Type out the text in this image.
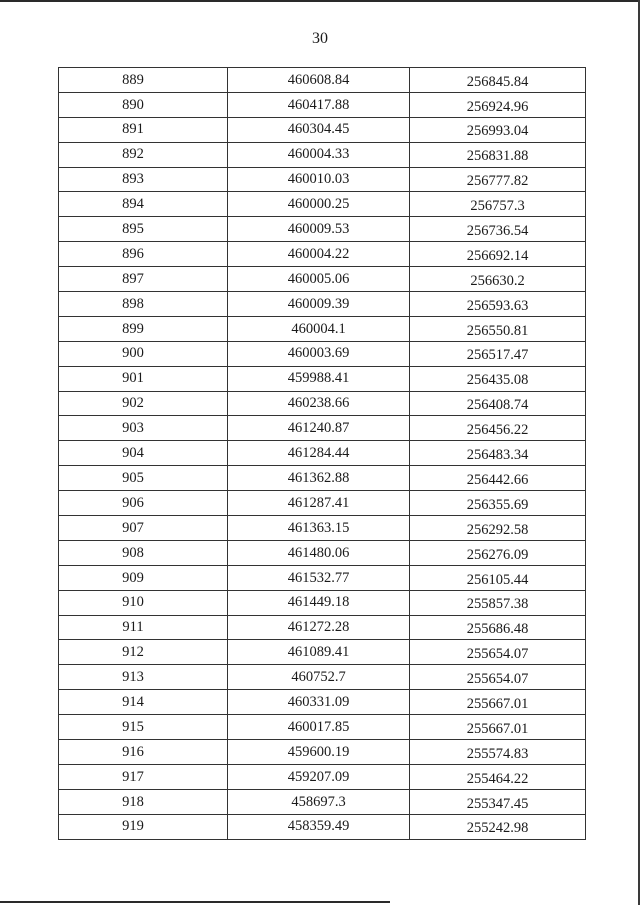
30
889	460608.84	256845.84
890	460417.88	256924.96
891	460304.45	256993.04
892	460004.33	256831.88
893	460010.03	256777.82
894	460000.25	256757.3
895	460009.53	256736.54
896	460004.22	256692.14
897	460005.06	256630.2
898	460009.39	256593.63
899	460004.1	256550.81
900	460003.69	256517.47
901	459988.41	256435.08
902	460238.66	256408.74
903	461240.87	256456.22
904	461284.44	256483.34
905	461362.88	256442.66
906	461287.41	256355.69
907	461363.15	256292.58
908	461480.06	256276.09
909	461532.77	256105.44
910	461449.18	255857.38
911	461272.28	255686.48
912	461089.41	255654.07
913	460752.7	255654.07
914	460331.09	255667.01
915	460017.85	255667.01
916	459600.19	255574.83
917	459207.09	255464.22
918	458697.3	255347.45
919	458359.49	255242.98
